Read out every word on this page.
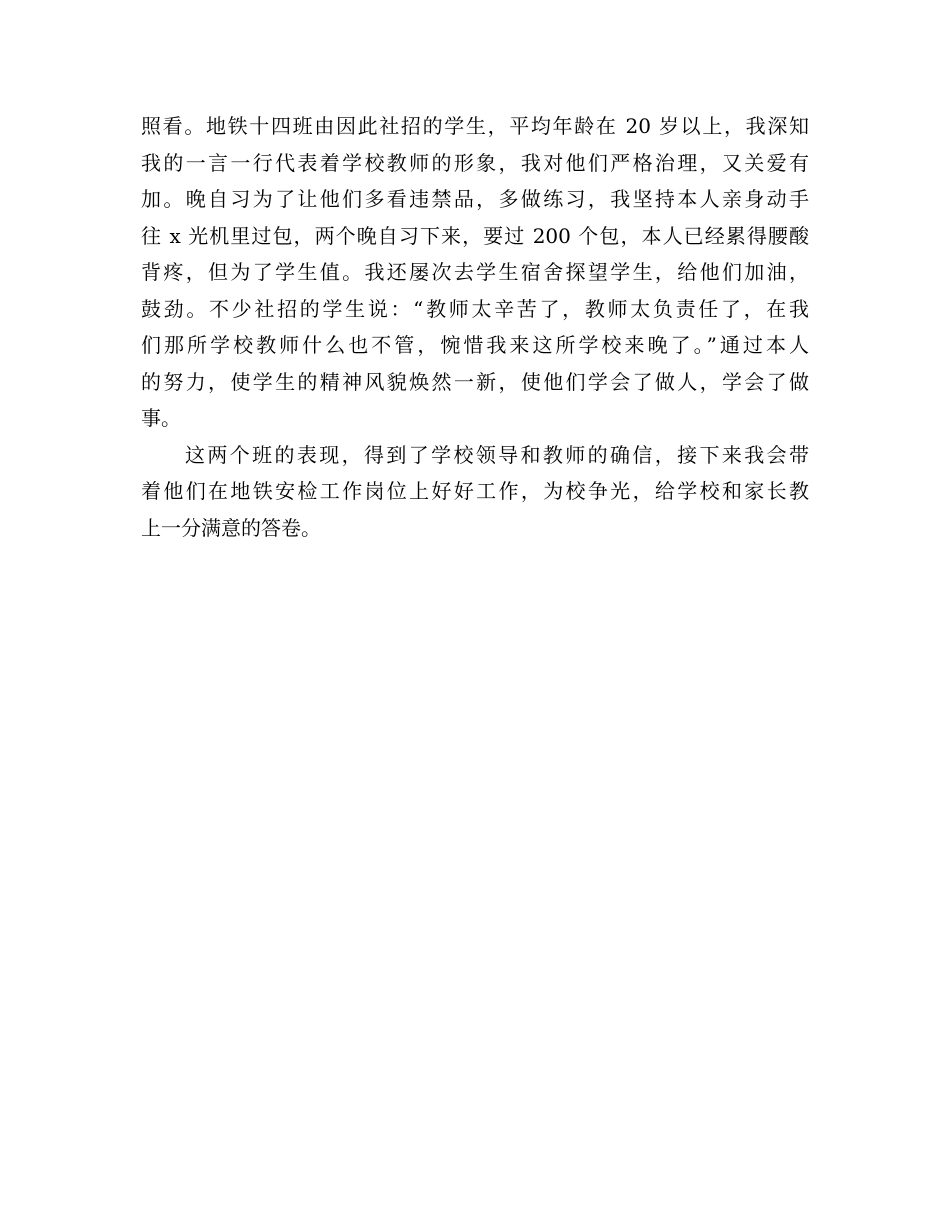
照看。地铁十四班由因此社招的学生，平均年龄在 20 岁以上，我深知
我的一言一行代表着学校教师的形象，我对他们严格治理，又关爱有
加。晚自习为了让他们多看违禁品，多做练习，我坚持本人亲身动手
往 x 光机里过包，两个晚自习下来，要过 200 个包，本人已经累得腰酸
背疼，但为了学生值。我还屡次去学生宿舍探望学生，给他们加油，
鼓劲。不少社招的学生说：“教师太辛苦了，教师太负责任了，在我
们那所学校教师什么也不管，惋惜我来这所学校来晚了。”通过本人
的努力，使学生的精神风貌焕然一新，使他们学会了做人，学会了做
事。
这两个班的表现，得到了学校领导和教师的确信，接下来我会带
着他们在地铁安检工作岗位上好好工作，为校争光，给学校和家长教
上一分满意的答卷。
